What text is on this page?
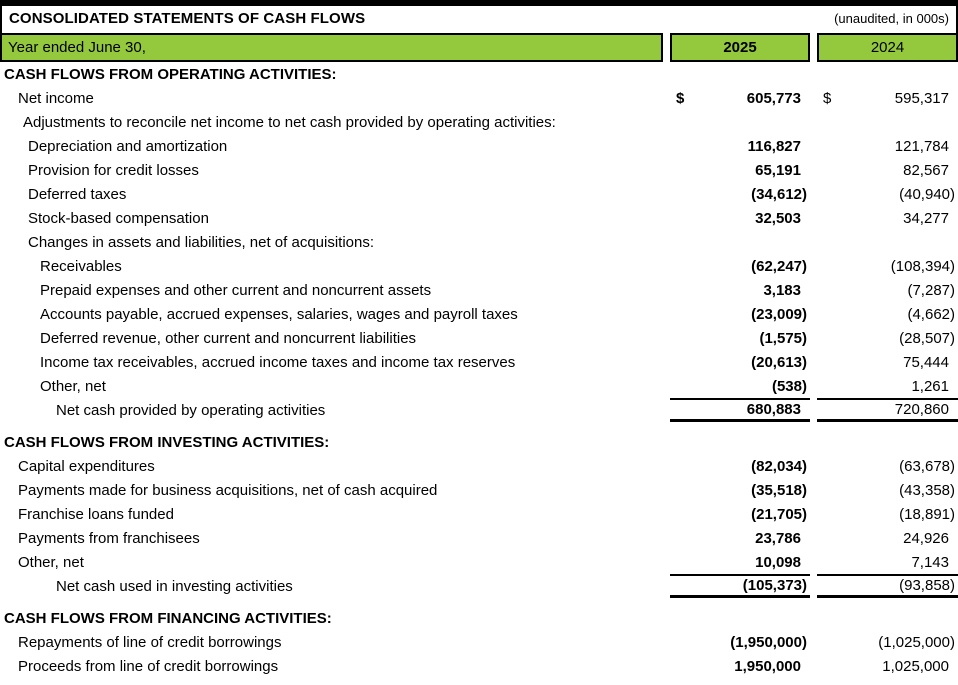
CONSOLIDATED STATEMENTS OF CASH FLOWS	(unaudited, in 000s)
Year ended June 30,	2025	2024
CASH FLOWS FROM OPERATING ACTIVITIES:
Net income	$	605,773	$	595,317
Adjustments to reconcile net income to net cash provided by operating activities:
Depreciation and amortization	116,827	121,784
Provision for credit losses	65,191	82,567
Deferred taxes	(34,612)	(40,940)
Stock-based compensation	32,503	34,277
Changes in assets and liabilities, net of acquisitions:
Receivables	(62,247)	(108,394)
Prepaid expenses and other current and noncurrent assets	3,183	(7,287)
Accounts payable, accrued expenses, salaries, wages and payroll taxes	(23,009)	(4,662)
Deferred revenue, other current and noncurrent liabilities	(1,575)	(28,507)
Income tax receivables, accrued income taxes and income tax reserves	(20,613)	75,444
Other, net	(538)	1,261
Net cash provided by operating activities	680,883	720,860
CASH FLOWS FROM INVESTING ACTIVITIES:
Capital expenditures	(82,034)	(63,678)
Payments made for business acquisitions, net of cash acquired	(35,518)	(43,358)
Franchise loans funded	(21,705)	(18,891)
Payments from franchisees	23,786	24,926
Other, net	10,098	7,143
Net cash used in investing activities	(105,373)	(93,858)
CASH FLOWS FROM FINANCING ACTIVITIES:
Repayments of line of credit borrowings	(1,950,000)	(1,025,000)
Proceeds from line of credit borrowings	1,950,000	1,025,000
